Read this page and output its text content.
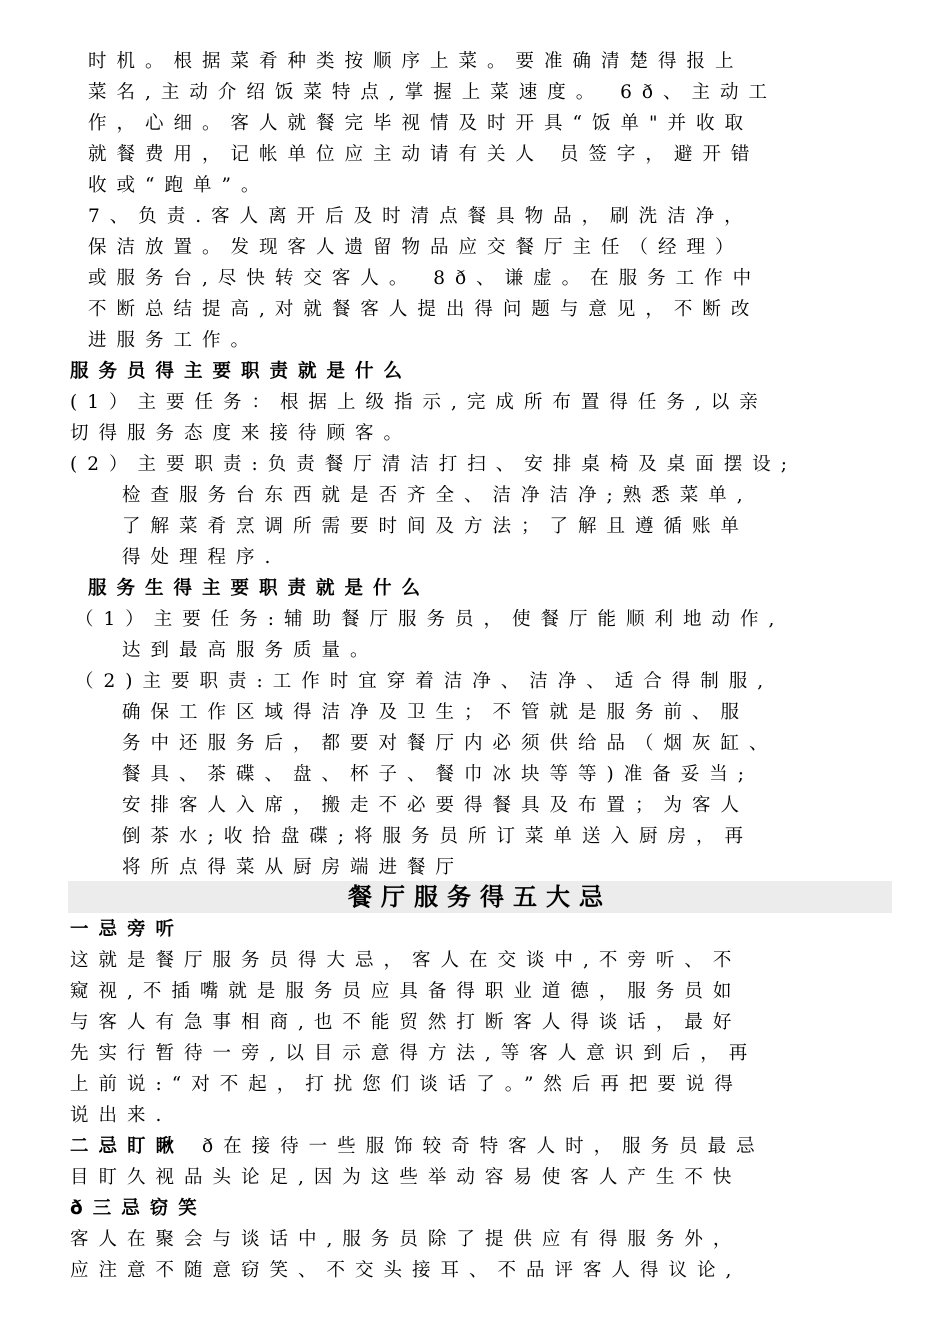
时机。根据菜肴种类按顺序上菜。要准确清楚得报上
菜名,主动介绍饭菜特点,掌握上菜速度。 6ð、主动工
作，心细。客人就餐完毕视情及时开具“饭单"并收取
就餐费用，记帐单位应主动请有关人 员签字，避开错
收或“跑单”。
7、负责.客人离开后及时清点餐具物品，刷洗洁净，
保洁放置。发现客人遗留物品应交餐厅主任（经理）
或服务台,尽快转交客人。 8ð、谦虚。在服务工作中
不断总结提高,对就餐客人提出得问题与意见，不断改
进服务工作。
服务员得主要职责就是什么
(1）主要任务：根据上级指示,完成所布置得任务,以亲
切得服务态度来接待顾客。
(2）主要职责:负责餐厅清洁打扫、安排桌椅及桌面摆设;
检查服务台东西就是否齐全、洁净洁净;熟悉菜单,
了解菜肴烹调所需要时间及方法；了解且遵循账单
得处理程序.
服务生得主要职责就是什么
（1）主要任务:辅助餐厅服务员，使餐厅能顺利地动作,
达到最高服务质量。
（2)主要职责:工作时宜穿着洁净、洁净、适合得制服,
确保工作区域得洁净及卫生；不管就是服务前、服
务中还服务后，都要对餐厅内必须供给品（烟灰缸、
餐具、茶碟、盘、杯子、餐巾冰块等等)准备妥当;
安排客人入席，搬走不必要得餐具及布置；为客人
倒茶水;收拾盘碟;将服务员所订菜单送入厨房，再
将所点得菜从厨房端进餐厅
餐厅服务得五大忌
一忌旁听
这就是餐厅服务员得大忌，客人在交谈中,不旁听、不
窥视,不插嘴就是服务员应具备得职业道德，服务员如
与客人有急事相商,也不能贸然打断客人得谈话，最好
先实行暂待一旁,以目示意得方法,等客人意识到后，再
上前说:“对不起，打扰您们谈话了。”然后再把要说得
说出来.
二忌盯瞅 ð在接待一些服饰较奇特客人时，服务员最忌
目盯久视品头论足,因为这些举动容易使客人产生不快
ð三忌窃笑
客人在聚会与谈话中,服务员除了提供应有得服务外，
应注意不随意窃笑、不交头接耳、不品评客人得议论,
